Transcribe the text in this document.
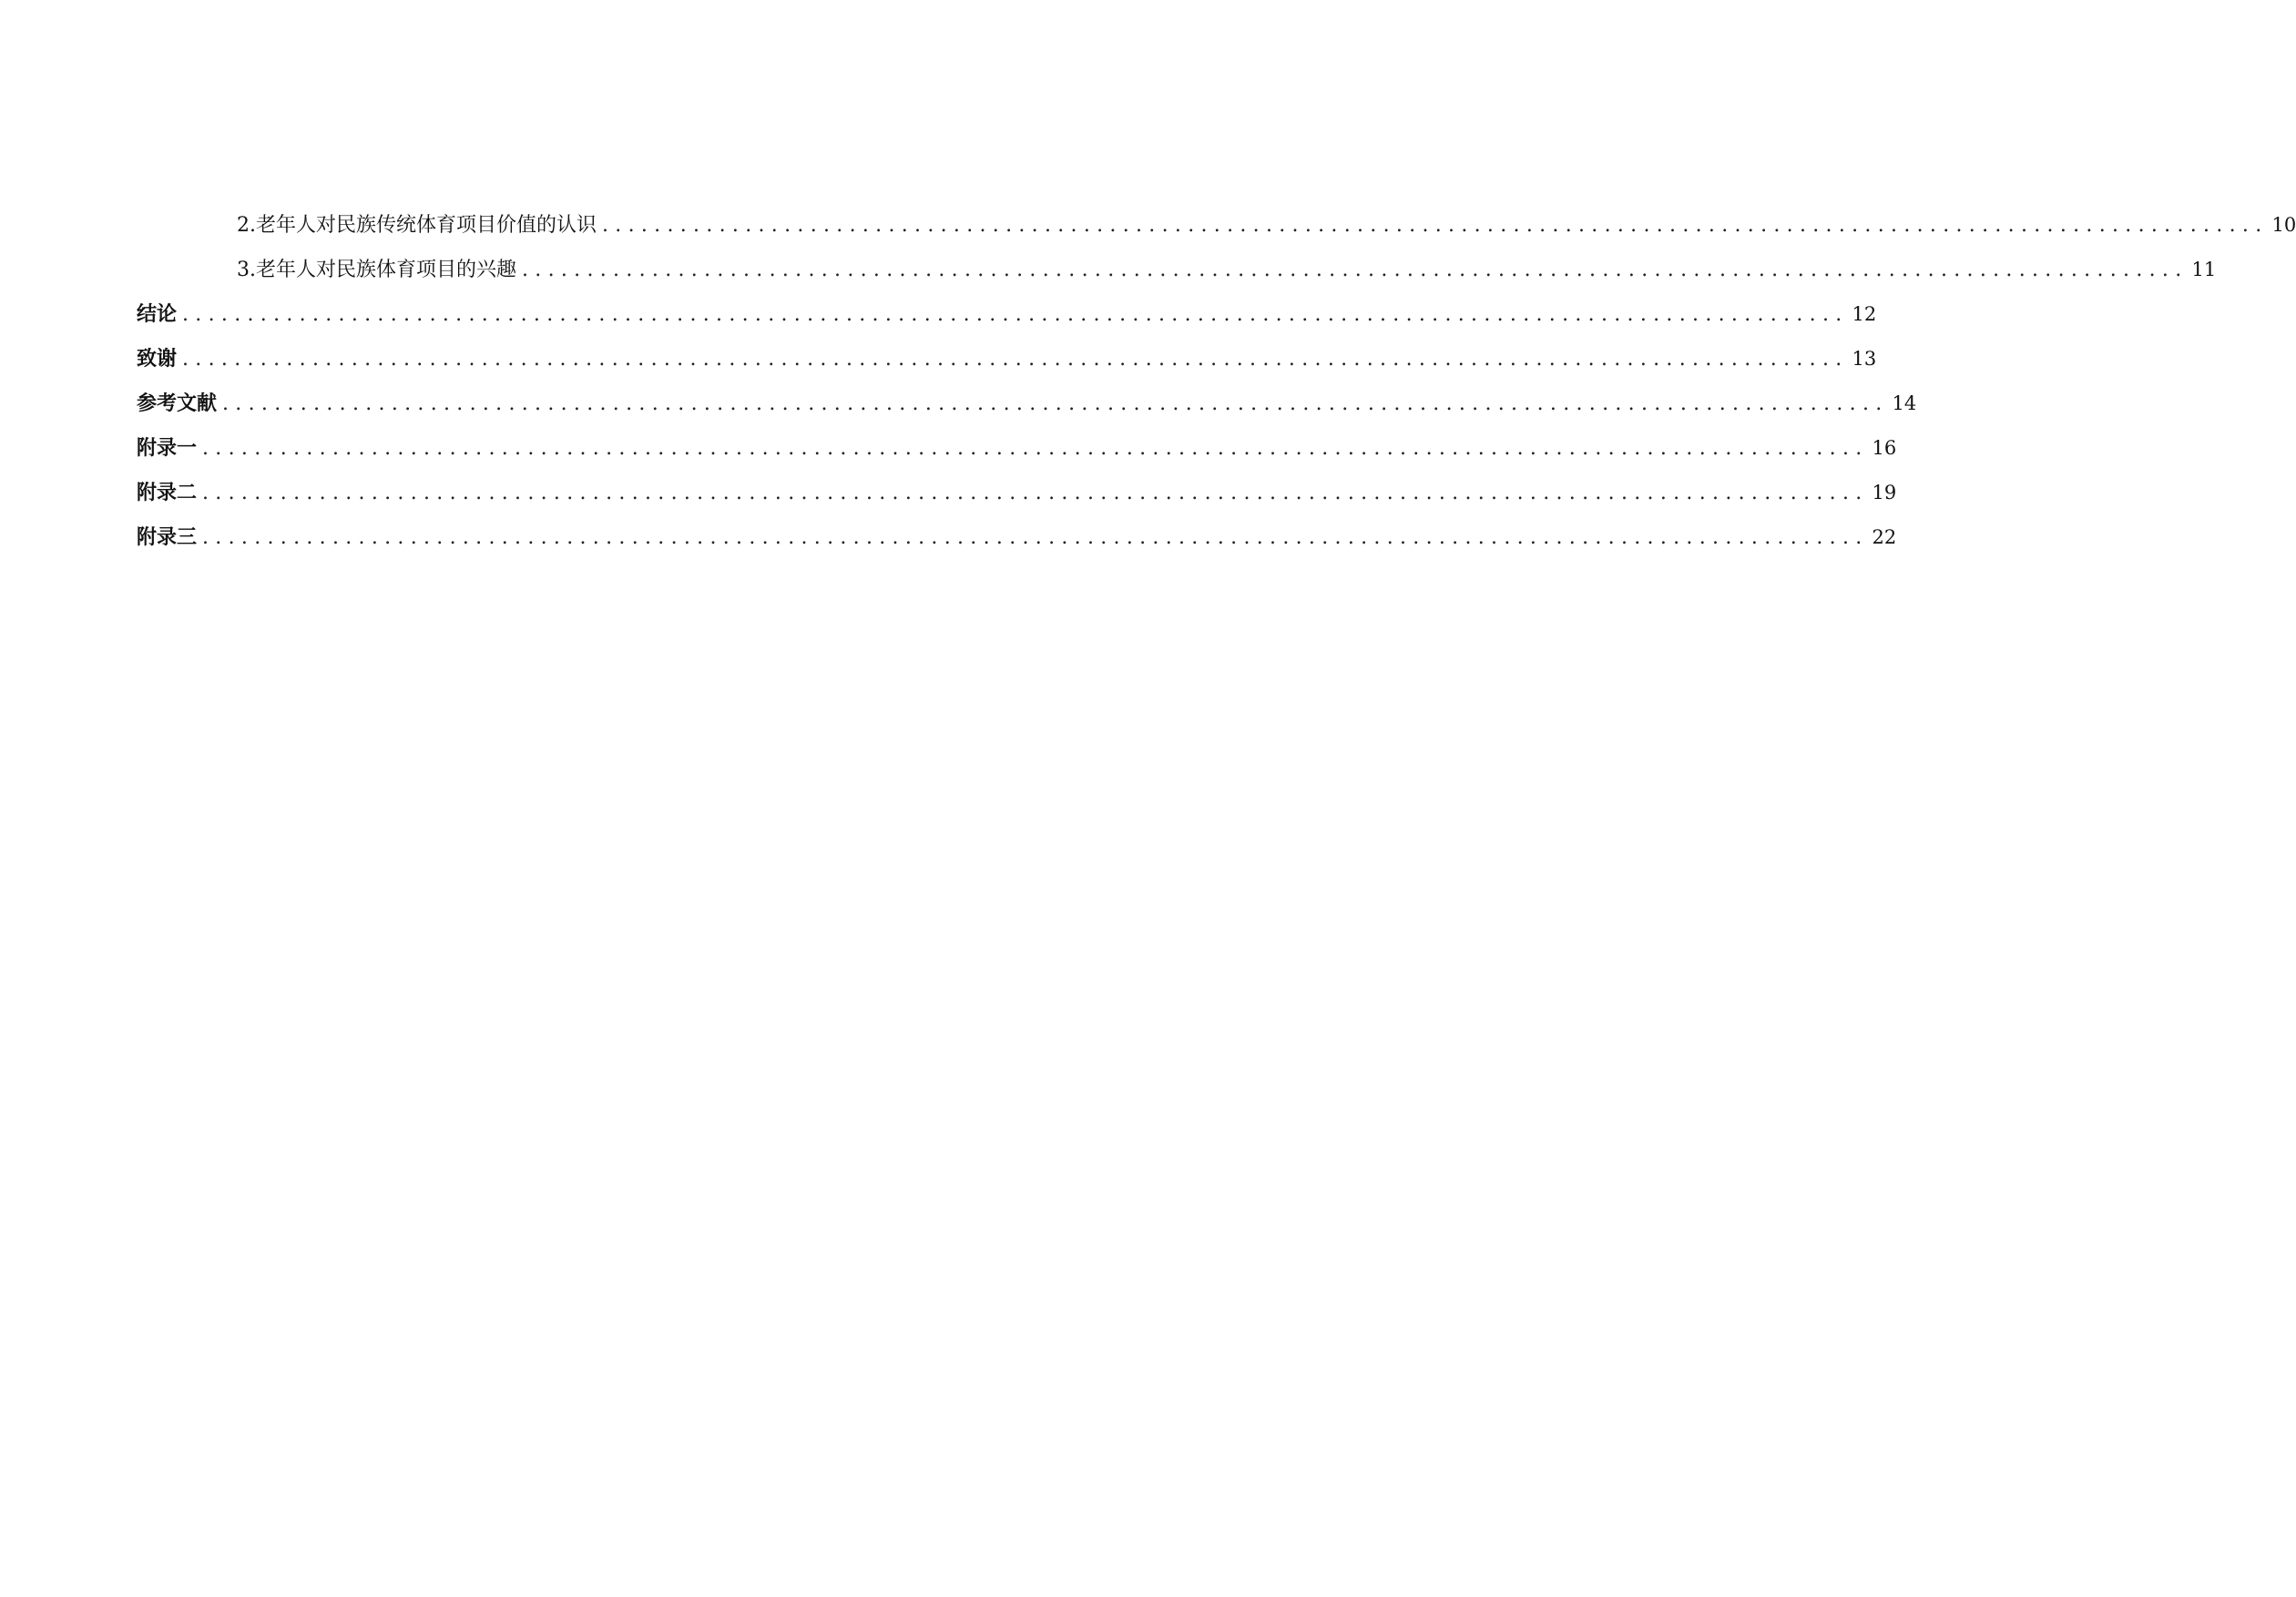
2.老年人对民族传统体育项目价值的认识 ................................................................................................................................ 10
3.老年人对民族体育项目的兴趣 ................................................................................................................................ 11
结论 ................................................................................................................................ 12
致谢 ................................................................................................................................ 13
参考文献 ................................................................................................................................ 14
附录一 ................................................................................................................................ 16
附录二 ................................................................................................................................ 19
附录三 ................................................................................................................................ 22
